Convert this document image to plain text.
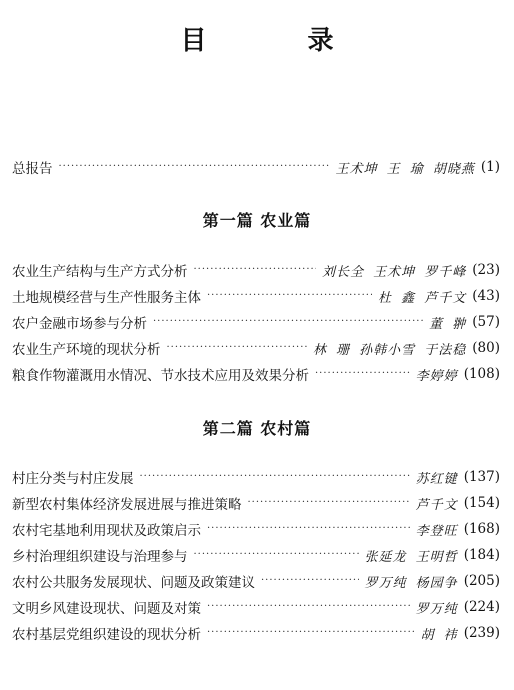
目 录
总报告 ·····	王术坤 王 瑜 胡晓燕 (1)
第一篇 农业篇
农业生产结构与生产方式分析 ·····	刘长全 王术坤 罗千峰 (23)
土地规模经营与生产性服务主体 ·····	杜 鑫 芦千文 (43)
农户金融市场参与分析 ·····	董 翀 (57)
农业生产环境的现状分析 ·····	林 珊 孙韩小雪 于法稳 (80)
粮食作物灌溉用水情况、节水技术应用及效果分析 ·····	李婷婷 (108)
第二篇 农村篇
村庄分类与村庄发展 ·····	苏红键 (137)
新型农村集体经济发展进展与推进策略 ·····	芦千文 (154)
农村宅基地利用现状及政策启示 ·····	李登旺 (168)
乡村治理组织建设与治理参与 ·····	张延龙 王明哲 (184)
农村公共服务发展现状、问题及政策建议 ·····	罗万纯 杨园争 (205)
文明乡风建设现状、问题及对策 ·····	罗万纯 (224)
农村基层党组织建设的现状分析 ·····	胡 祎 (239)
